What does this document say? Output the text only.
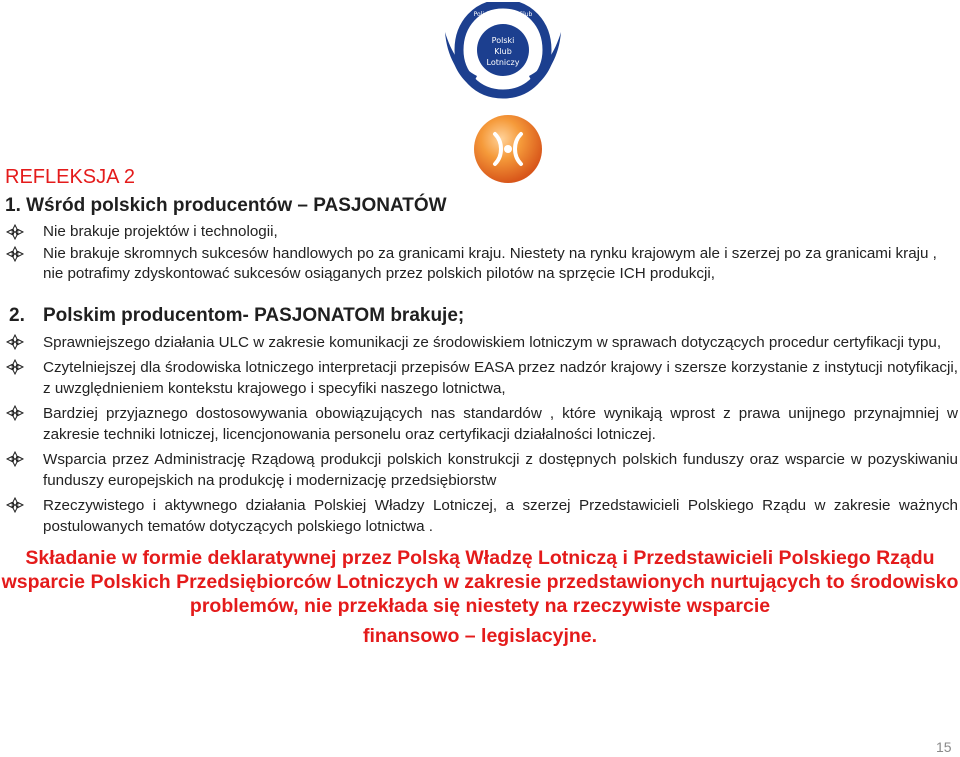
Polish Aviation Club
Polski
Klub
Lotniczy
REFLEKSJA 2
1. Wśród polskich producentów – PASJONATÓW
Nie brakuje projektów i technologii,
Nie brakuje skromnych sukcesów handlowych po za granicami kraju. Niestety na rynku krajowym ale i szerzej po za granicami kraju , nie potrafimy zdyskontować sukcesów osiąganych przez polskich pilotów na sprzęcie ICH produkcji,
2. Polskim producentom- PASJONATOM brakuje;
Sprawniejszego działania ULC w zakresie komunikacji ze środowiskiem lotniczym w sprawach dotyczących procedur certyfikacji typu,
Czytelniejszej dla środowiska lotniczego interpretacji przepisów EASA przez nadzór krajowy i szersze korzystanie z instytucji notyfikacji, z uwzględnieniem kontekstu krajowego i specyfiki naszego lotnictwa,
Bardziej przyjaznego dostosowywania obowiązujących nas standardów , które wynikają wprost z prawa unijnego przynajmniej w zakresie techniki lotniczej, licencjonowania personelu oraz certyfikacji działalności lotniczej.
Wsparcia przez Administrację Rządową produkcji polskich konstrukcji z dostępnych polskich funduszy oraz wsparcie w pozyskiwaniu funduszy europejskich na produkcję i modernizację przedsiębiorstw
Rzeczywistego i aktywnego działania Polskiej Władzy Lotniczej, a szerzej Przedstawicieli Polskiego Rządu w zakresie ważnych postulowanych tematów dotyczących polskiego lotnictwa .

Składanie w formie deklaratywnej przez Polską Władzę Lotniczą i Przedstawicieli Polskiego Rządu wsparcie Polskich Przedsiębiorców Lotniczych w zakresie przedstawionych nurtujących to środowisko problemów, nie przekłada się niestety na rzeczywiste wsparcie
finansowo – legislacyjne.

15
